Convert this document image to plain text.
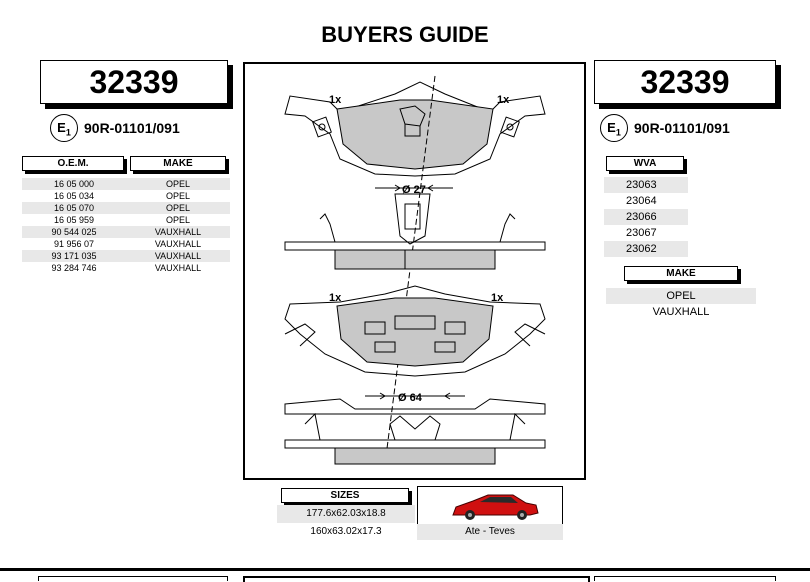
BUYERS GUIDE
32339
$E_1$ 90R-01101/091
O.E.M.	MAKE
16 05 000	OPEL
16 05 034	OPEL
16 05 070	OPEL
16 05 959	OPEL
90 544 025	VAUXHALL
91 956 07	VAUXHALL
93 171 035	VAUXHALL
93 284 746	VAUXHALL
1x	1x
1x	1x
Ø 27
Ø 64
SIZES
177.6x62.03x18.8
160x63.02x17.3	Ate - Teves
32339
$E_1$ 90R-01101/091
WVA
23063
23064
23066
23067
23062
MAKE
OPEL
VAUXHALL
